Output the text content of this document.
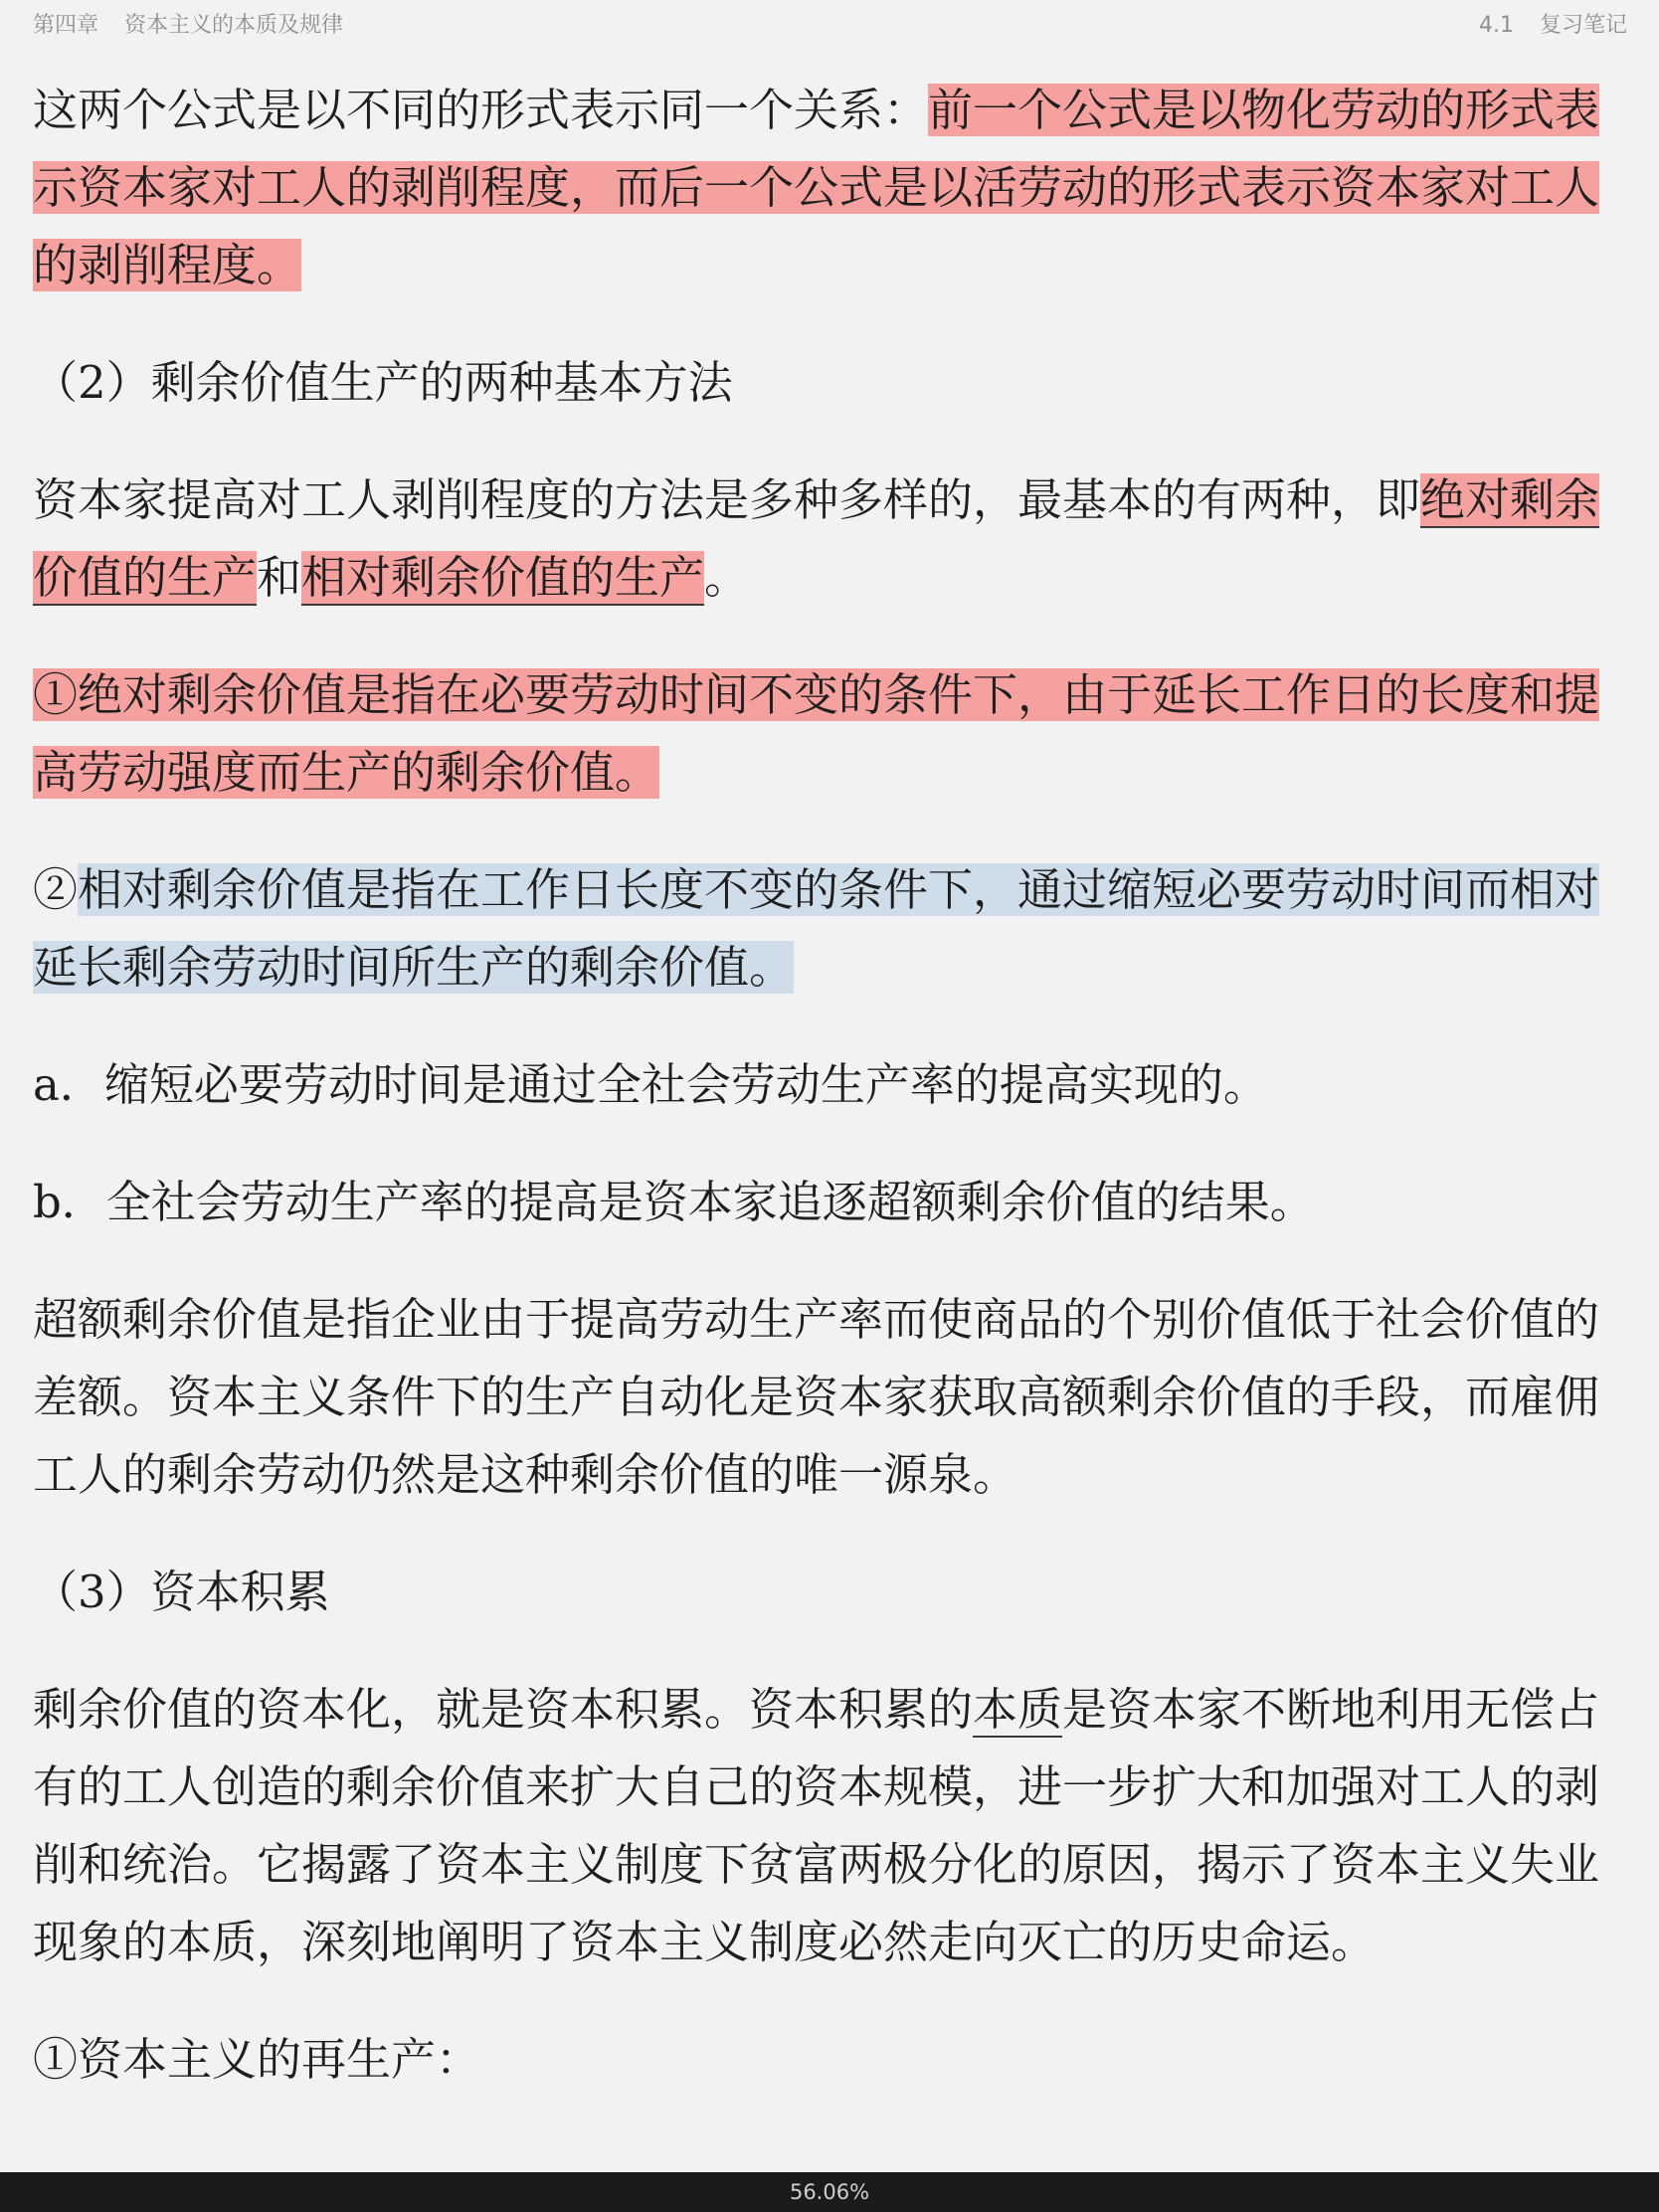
第四章 资本主义的本质及规律	4.1 复习笔记

这两个公式是以不同的形式表示同一个关系：前一个公式是以物化劳动的形式表示资本家对工人的剥削程度，而后一个公式是以活劳动的形式表示资本家对工人的剥削程度。

（2）剩余价值生产的两种基本方法

资本家提高对工人剥削程度的方法是多种多样的，最基本的有两种，即绝对剩余价值的生产和相对剩余价值的生产。

①绝对剩余价值是指在必要劳动时间不变的条件下，由于延长工作日的长度和提高劳动强度而生产的剩余价值。

②相对剩余价值是指在工作日长度不变的条件下，通过缩短必要劳动时间而相对延长剩余劳动时间所生产的剩余价值。

a．缩短必要劳动时间是通过全社会劳动生产率的提高实现的。

b．全社会劳动生产率的提高是资本家追逐超额剩余价值的结果。

超额剩余价值是指企业由于提高劳动生产率而使商品的个别价值低于社会价值的差额。资本主义条件下的生产自动化是资本家获取高额剩余价值的手段，而雇佣工人的剩余劳动仍然是这种剩余价值的唯一源泉。

（3）资本积累

剩余价值的资本化，就是资本积累。资本积累的本质是资本家不断地利用无偿占有的工人创造的剩余价值来扩大自己的资本规模，进一步扩大和加强对工人的剥削和统治。它揭露了资本主义制度下贫富两极分化的原因，揭示了资本主义失业现象的本质，深刻地阐明了资本主义制度必然走向灭亡的历史命运。

①资本主义的再生产：

56.06%
